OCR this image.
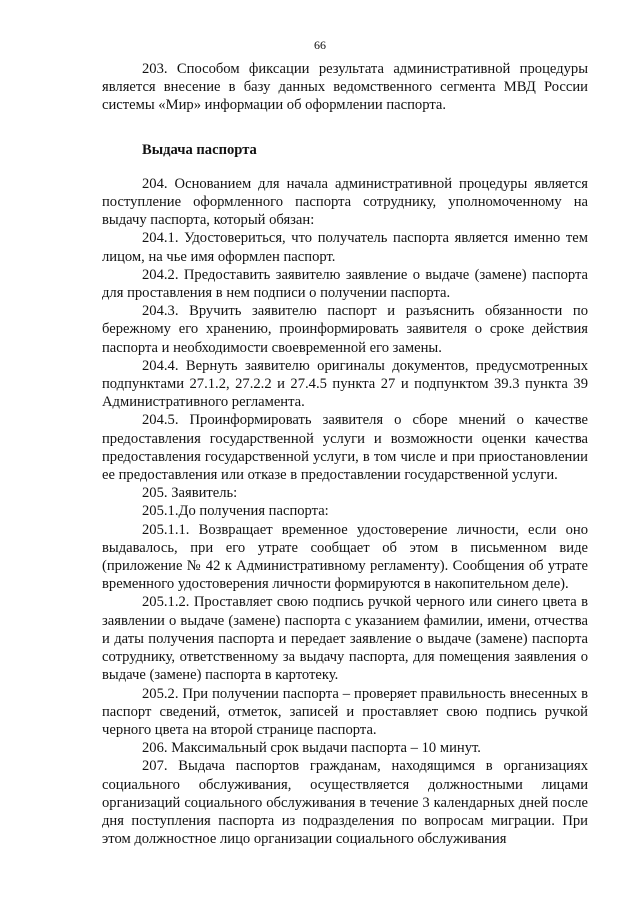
66

203. Способом фиксации результата административной процедуры является внесение в базу данных ведомственного сегмента МВД России системы «Мир» информации об оформлении паспорта.

Выдача паспорта

204. Основанием для начала административной процедуры является поступление оформленного паспорта сотруднику, уполномоченному на выдачу паспорта, который обязан:

204.1. Удостовериться, что получатель паспорта является именно тем лицом, на чье имя оформлен паспорт.

204.2. Предоставить заявителю заявление о выдаче (замене) паспорта для проставления в нем подписи о получении паспорта.

204.3. Вручить заявителю паспорт и разъяснить обязанности по бережному его хранению, проинформировать заявителя о сроке действия паспорта и необходимости своевременной его замены.

204.4. Вернуть заявителю оригиналы документов, предусмотренных подпунктами 27.1.2, 27.2.2 и 27.4.5 пункта 27 и подпунктом 39.3 пункта 39 Административного регламента.

204.5. Проинформировать заявителя о сборе мнений о качестве предоставления государственной услуги и возможности оценки качества предоставления государственной услуги, в том числе и при приостановлении ее предоставления или отказе в предоставлении государственной услуги.

205. Заявитель:

205.1.До получения паспорта:

205.1.1. Возвращает временное удостоверение личности, если оно выдавалось, при его утрате сообщает об этом в письменном виде (приложение № 42 к Административному регламенту). Сообщения об утрате временного удостоверения личности формируются в накопительном деле).

205.1.2. Проставляет свою подпись ручкой черного или синего цвета в заявлении о выдаче (замене) паспорта с указанием фамилии, имени, отчества и даты получения паспорта и передает заявление о выдаче (замене) паспорта сотруднику, ответственному за выдачу паспорта, для помещения заявления о выдаче (замене) паспорта в картотеку.

205.2. При получении паспорта – проверяет правильность внесенных в паспорт сведений, отметок, записей и проставляет свою подпись ручкой черного цвета на второй странице паспорта.

206. Максимальный срок выдачи паспорта – 10 минут.

207. Выдача паспортов гражданам, находящимся в организациях социального обслуживания, осуществляется должностными лицами организаций социального обслуживания в течение 3 календарных дней после дня поступления паспорта из подразделения по вопросам миграции. При этом должностное лицо организации социального обслуживания
